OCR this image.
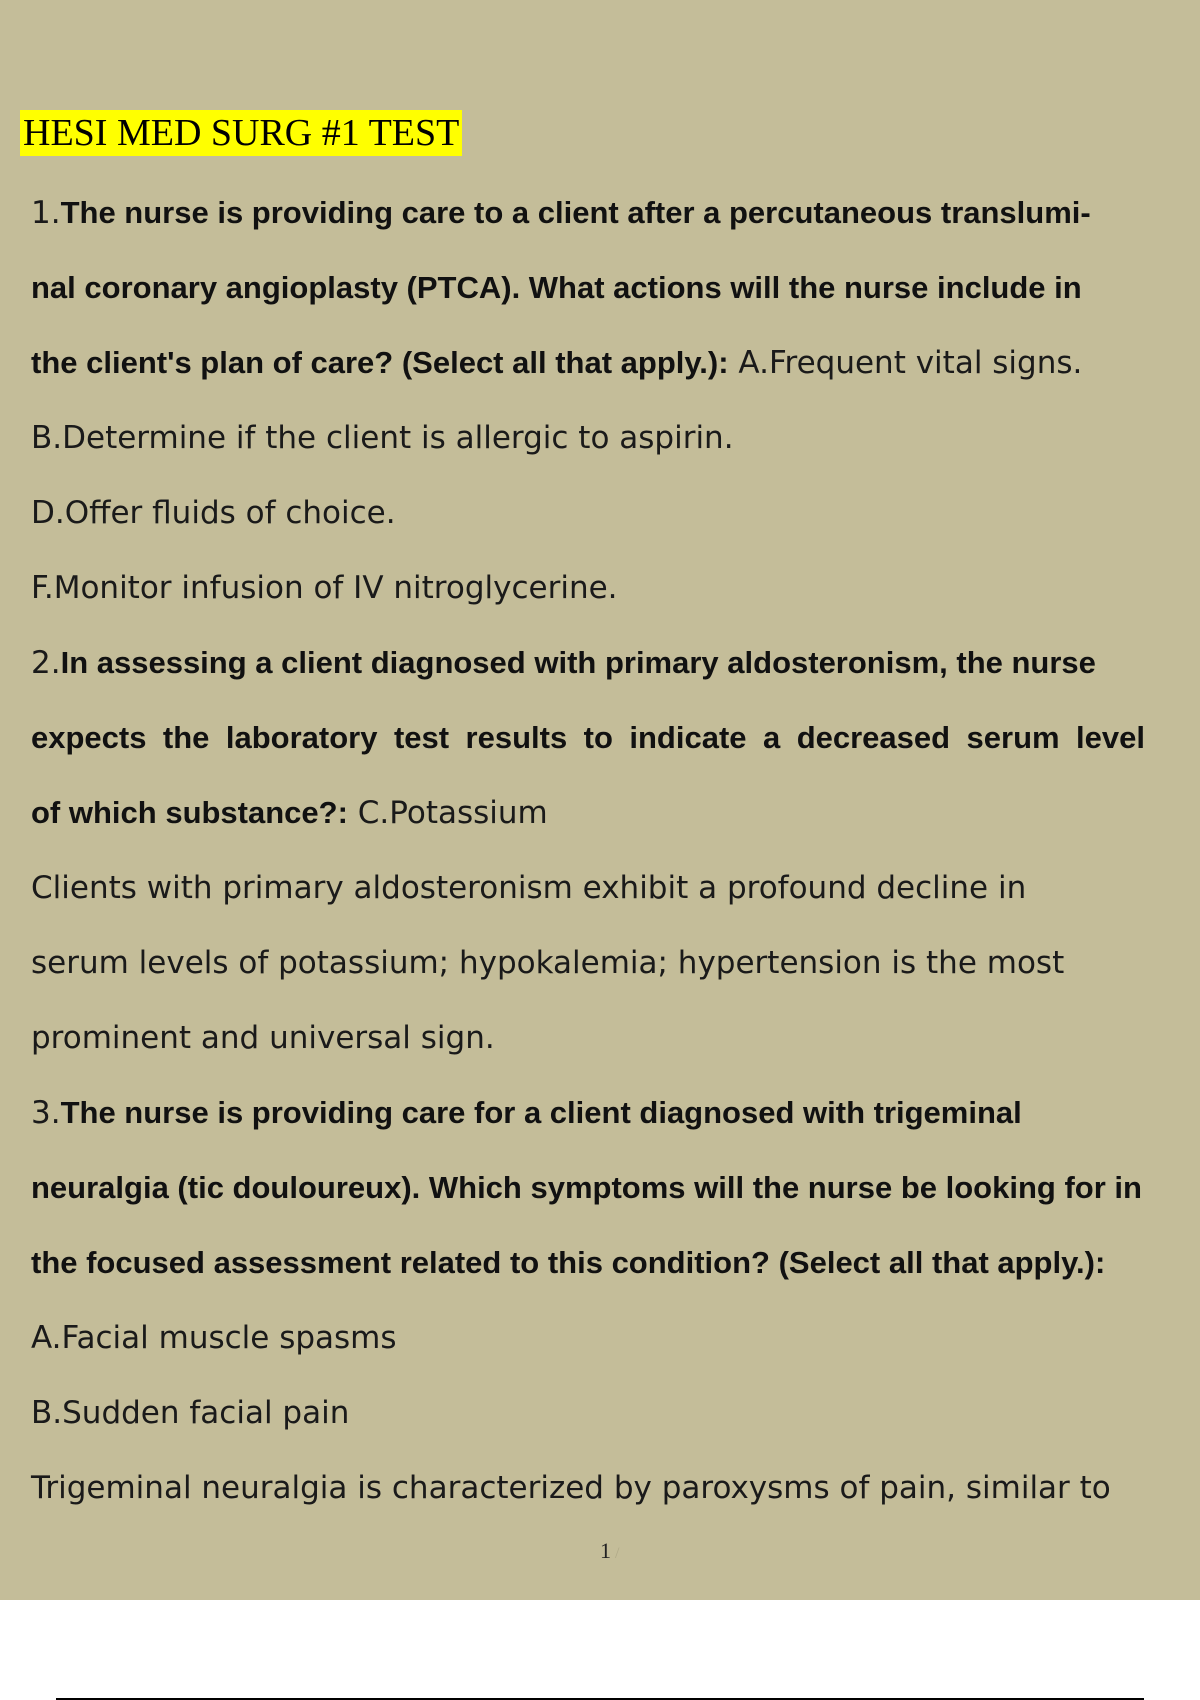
HESI MED SURG #1 TEST
1.The nurse is providing care to a client after a percutaneous translumi-
nal coronary angioplasty (PTCA). What actions will the nurse include in
the client's plan of care? (Select all that apply.): A.Frequent vital signs.
B.Determine if the client is allergic to aspirin.
D.Offer fluids of choice.
F.Monitor infusion of IV nitroglycerine.
2.In assessing a client diagnosed with primary aldosteronism, the nurse
expects the laboratory test results to indicate a decreased serum level
of which substance?: C.Potassium
Clients with primary aldosteronism exhibit a profound decline in
serum levels of potassium; hypokalemia; hypertension is the most
prominent and universal sign.
3.The nurse is providing care for a client diagnosed with trigeminal
neuralgia (tic douloureux). Which symptoms will the nurse be looking for in
the focused assessment related to this condition? (Select all that apply.):
A.Facial muscle spasms
B.Sudden facial pain
Trigeminal neuralgia is characterized by paroxysms of pain, similar to
1 /
